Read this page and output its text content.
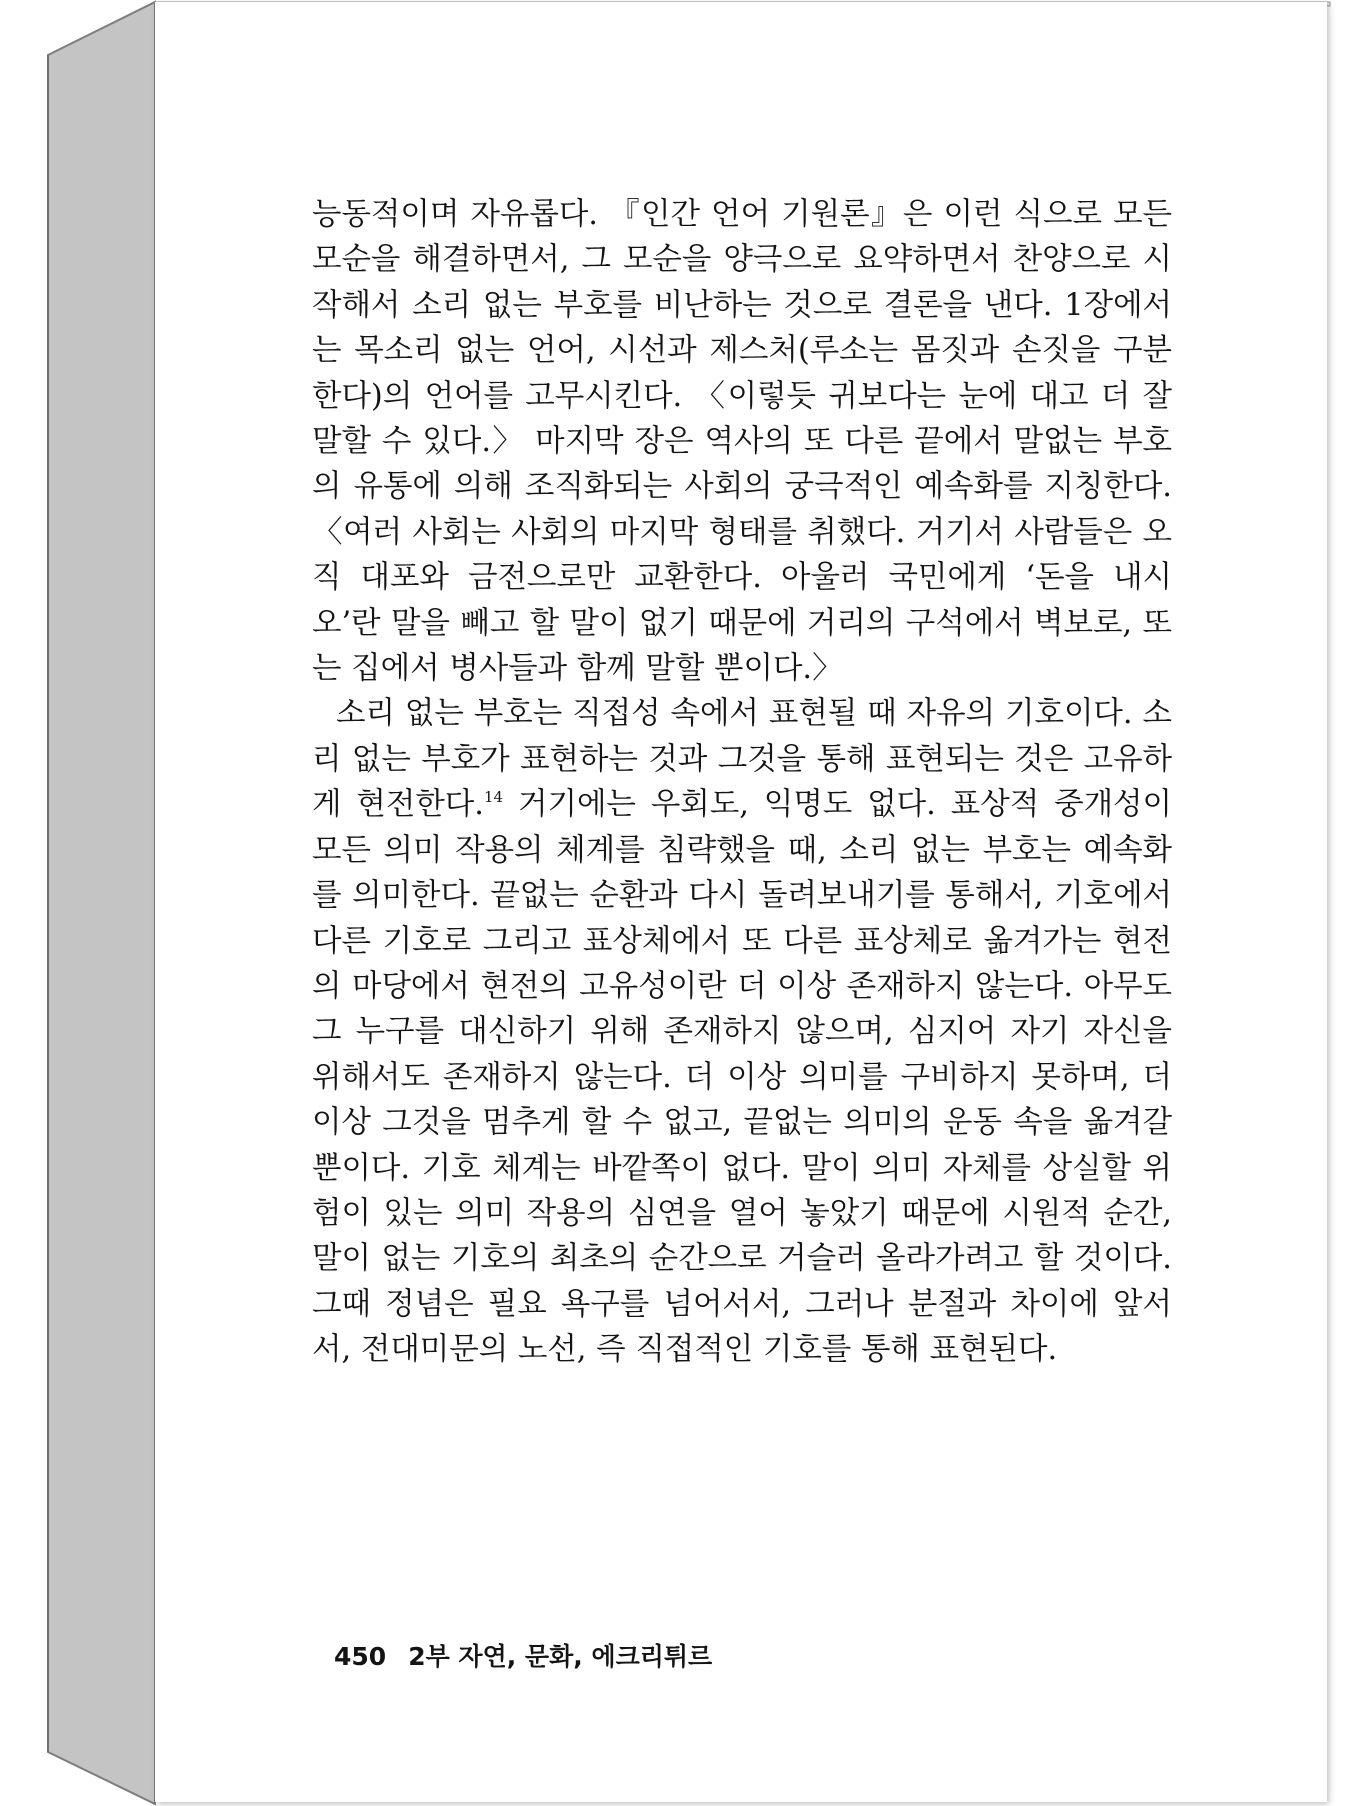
능동적이며 자유롭다. 『인간 언어 기원론』은 이런 식으로 모든 모순을 해결하면서, 그 모순을 양극으로 요약하면서 찬양으로 시작해서 소리 없는 부호를 비난하는 것으로 결론을 낸다. 1장에서는 목소리 없는 언어, 시선과 제스처(루소는 몸짓과 손짓을 구분한다)의 언어를 고무시킨다. 〈이렇듯 귀보다는 눈에 대고 더 잘 말할 수 있다.〉 마지막 장은 역사의 또 다른 끝에서 말없는 부호의 유통에 의해 조직화되는 사회의 궁극적인 예속화를 지칭한다. 〈여러 사회는 사회의 마지막 형태를 취했다. 거기서 사람들은 오직 대포와 금전으로만 교환한다. 아울러 국민에게 ‘돈을 내시오’란 말을 빼고 할 말이 없기 때문에 거리의 구석에서 벽보로, 또는 집에서 병사들과 함께 말할 뿐이다.〉

소리 없는 부호는 직접성 속에서 표현될 때 자유의 기호이다. 소리 없는 부호가 표현하는 것과 그것을 통해 표현되는 것은 고유하게 현전한다.$^{14}$ 거기에는 우회도, 익명도 없다. 표상적 중개성이 모든 의미 작용의 체계를 침략했을 때, 소리 없는 부호는 예속화를 의미한다. 끝없는 순환과 다시 돌려보내기를 통해서, 기호에서 다른 기호로 그리고 표상체에서 또 다른 표상체로 옮겨가는 현전의 마당에서 현전의 고유성이란 더 이상 존재하지 않는다. 아무도 그 누구를 대신하기 위해 존재하지 않으며, 심지어 자기 자신을 위해서도 존재하지 않는다. 더 이상 의미를 구비하지 못하며, 더 이상 그것을 멈추게 할 수 없고, 끝없는 의미의 운동 속을 옮겨갈 뿐이다. 기호 체계는 바깥쪽이 없다. 말이 의미 자체를 상실할 위험이 있는 의미 작용의 심연을 열어 놓았기 때문에 시원적 순간, 말이 없는 기호의 최초의 순간으로 거슬러 올라가려고 할 것이다. 그때 정념은 필요 욕구를 넘어서서, 그러나 분절과 차이에 앞서서, 전대미문의 노선, 즉 직접적인 기호를 통해 표현된다.

450 2부 자연, 문화, 에크리튀르
